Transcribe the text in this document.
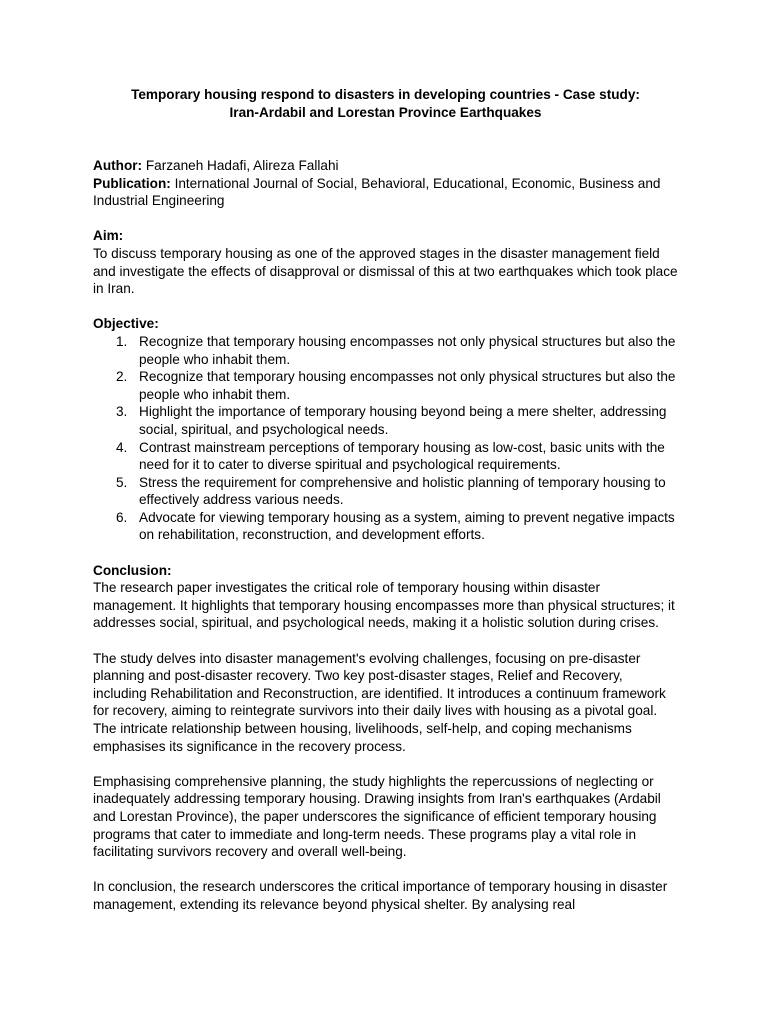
Temporary housing respond to disasters in developing countries - Case study:
Iran-Ardabil and Lorestan Province Earthquakes

Author: Farzaneh Hadafi, Alireza Fallahi

Publication: International Journal of Social, Behavioral, Educational, Economic, Business and Industrial Engineering

Aim:

To discuss temporary housing as one of the approved stages in the disaster management field and investigate the effects of disapproval or dismissal of this at two earthquakes which took place in Iran.

Objective:

1. Recognize that temporary housing encompasses not only physical structures but also the people who inhabit them.
2. Recognize that temporary housing encompasses not only physical structures but also the people who inhabit them.
3. Highlight the importance of temporary housing beyond being a mere shelter, addressing social, spiritual, and psychological needs.
4. Contrast mainstream perceptions of temporary housing as low-cost, basic units with the need for it to cater to diverse spiritual and psychological requirements.
5. Stress the requirement for comprehensive and holistic planning of temporary housing to effectively address various needs.
6. Advocate for viewing temporary housing as a system, aiming to prevent negative impacts on rehabilitation, reconstruction, and development efforts.

Conclusion:

The research paper investigates the critical role of temporary housing within disaster management. It highlights that temporary housing encompasses more than physical structures; it addresses social, spiritual, and psychological needs, making it a holistic solution during crises.

The study delves into disaster management's evolving challenges, focusing on pre-disaster planning and post-disaster recovery. Two key post-disaster stages, Relief and Recovery, including Rehabilitation and Reconstruction, are identified. It introduces a continuum framework for recovery, aiming to reintegrate survivors into their daily lives with housing as a pivotal goal. The intricate relationship between housing, livelihoods, self-help, and coping mechanisms emphasises its significance in the recovery process.

Emphasising comprehensive planning, the study highlights the repercussions of neglecting or inadequately addressing temporary housing. Drawing insights from Iran's earthquakes (Ardabil and Lorestan Province), the paper underscores the significance of efficient temporary housing programs that cater to immediate and long-term needs. These programs play a vital role in facilitating survivors recovery and overall well-being.

In conclusion, the research underscores the critical importance of temporary housing in disaster management, extending its relevance beyond physical shelter. By analysing real
